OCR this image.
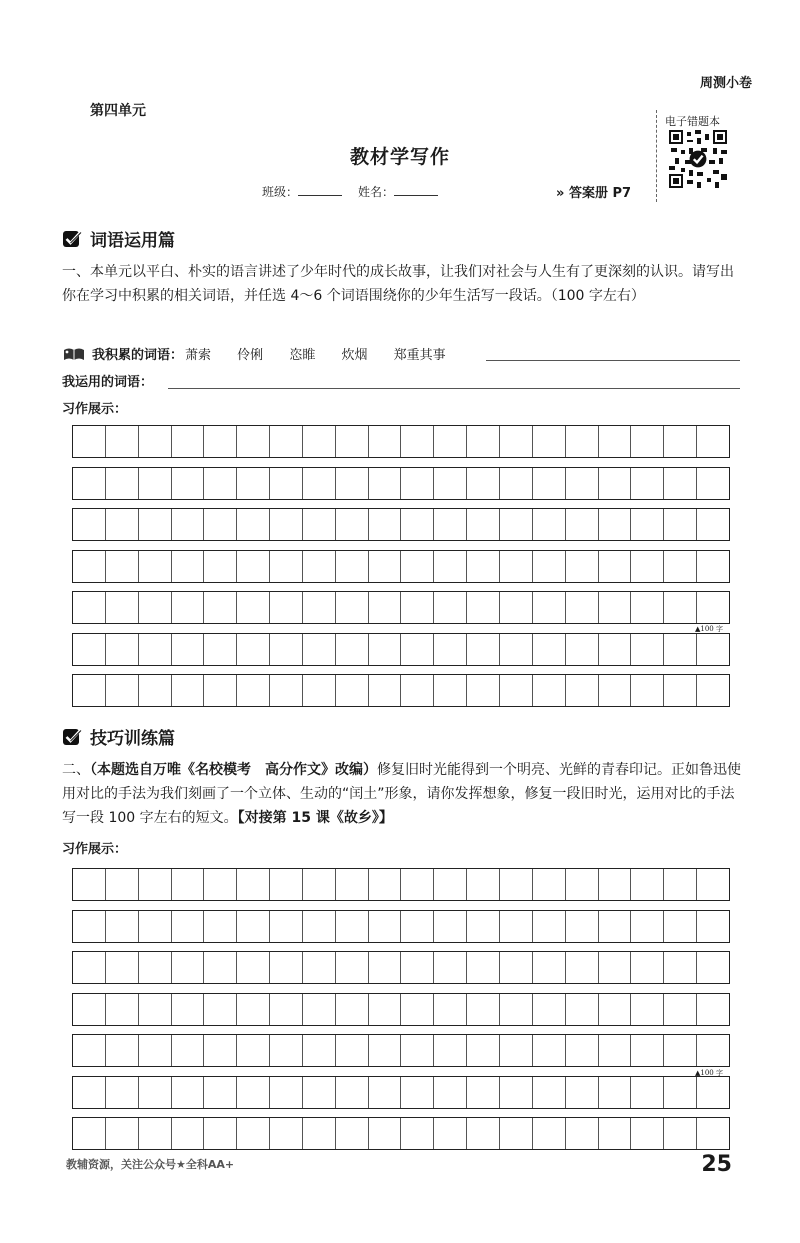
周测小卷
第四单元
教材学写作
班级：	姓名：	» 答案册 P7
电子错题本
词语运用篇
一、本单元以平白、朴实的语言讲述了少年时代的成长故事，让我们对社会与人生有了更深刻的认识。请写出你在学习中积累的相关词语，并任选 4～6 个词语围绕你的少年生活写一段话。（100 字左右）
我积累的词语： 萧索 伶俐 恣睢 炊烟 郑重其事
我运用的词语：
习作展示：
▲100 字
技巧训练篇
二、（本题选自万唯《名校模考　高分作文》改编）修复旧时光能得到一个明亮、光鲜的青春印记。正如鲁迅使用对比的手法为我们刻画了一个立体、生动的“闰土”形象，请你发挥想象，修复一段旧时光，运用对比的手法写一段 100 字左右的短文。【对接第 15 课《故乡》】
习作展示：
▲100 字
教辅资源，关注公众号★全科AA+	25
